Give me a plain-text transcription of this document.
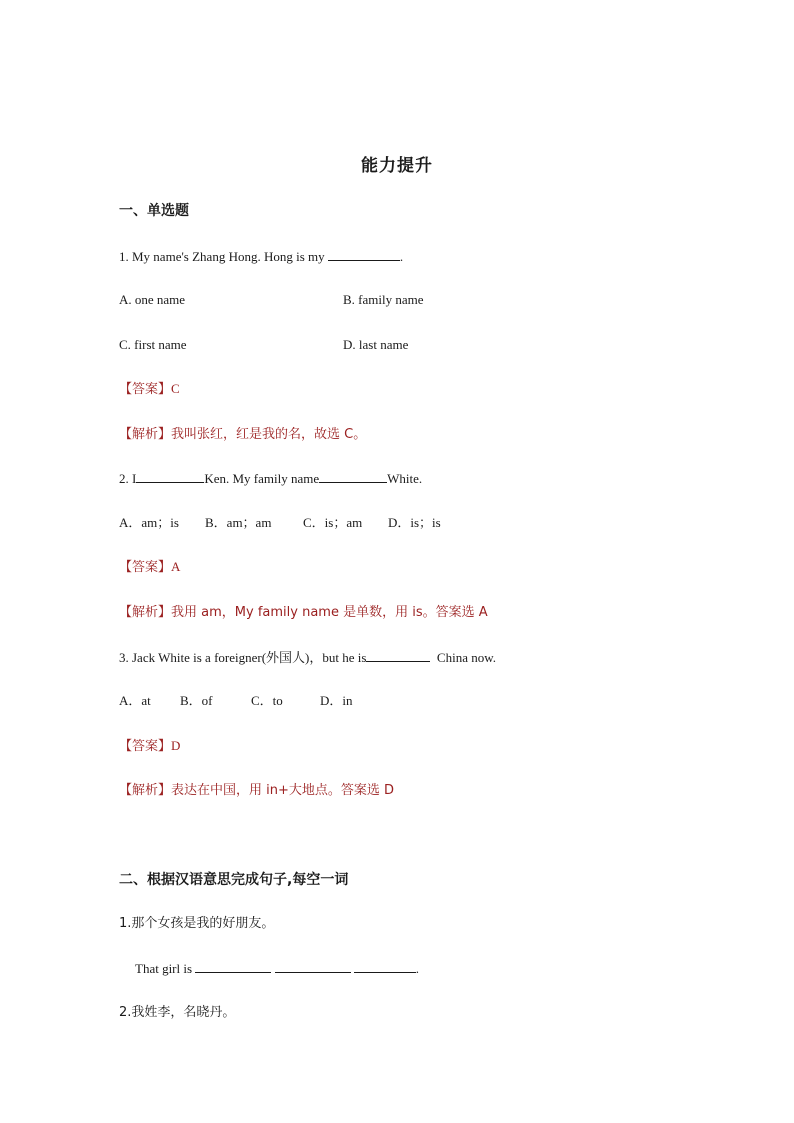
能力提升
一、单选题
1. My name's Zhang Hong. Hong is my	.
A. one name	B. family name
C. first name	D. last name
【答案】C
【解析】我叫张红，红是我的名，故选 C。
2. I	Ken. My family name	White.
A．am；is B．am；am C．is；am D．is；is
【答案】A
【解析】我用 am，My family name 是单数，用 is。答案选 A
3. Jack White is a foreigner(外国人)，but he is	China now.
A．at B．of	C．to	D．in
【答案】D
【解析】表达在中国，用 in+大地点。答案选 D
二、根据汉语意思完成句子,每空一词
1.那个女孩是我的好朋友。
That girl is	.
2.我姓李，名晓丹。
